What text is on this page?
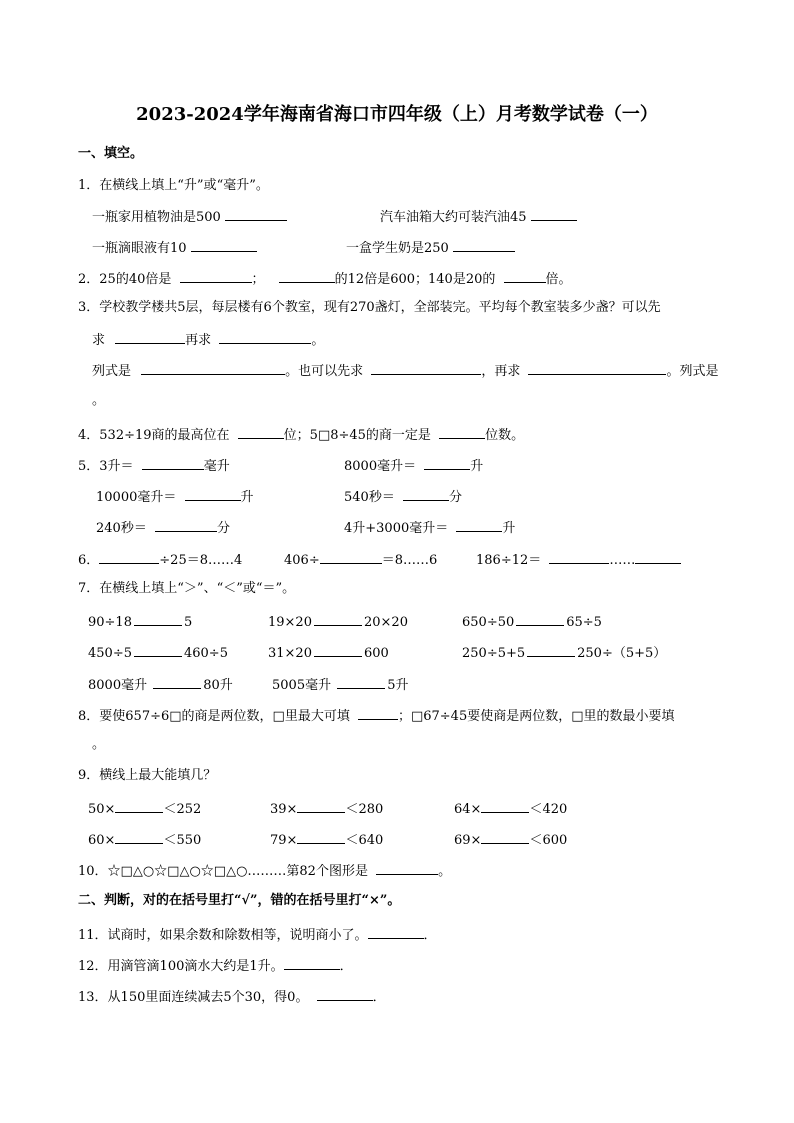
2023-2024学年海南省海口市四年级（上）月考数学试卷（一）
一、填空。
1．在横线上填上“升”或“毫升”。
一瓶家用植物油是500	汽车油箱大约可装汽油45
一瓶滴眼液有10	一盒学生奶是250
2．25的40倍是	；	的12倍是600；140是20的	倍。
3．学校教学楼共5层，每层楼有6个教室，现有270盏灯，全部装完。平均每个教室装多少盏？可以先
求	再求	。
列式是	。也可以先求	，再求	。列式是
。
4．532÷19商的最高位在	位；5□8÷45的商一定是	位数。
5．3升＝	毫升	8000毫升＝	升
10000毫升＝	升	540秒＝	分
240秒＝	分	4升+3000毫升＝	升
6．	÷25＝8……4	406÷	＝8……6	186÷12＝	……
7．在横线上填上“＞”、“＜”或“＝”。
90÷18	5	19×20	20×20	650÷50	65÷5
450÷5	460÷5	31×20	600	250÷5+5	250÷（5+5）
8000毫升	80升	5005毫升	5升
8．要使657÷6□的商是两位数，□里最大可填	；□67÷45要使商是两位数，□里的数最小要填
。
9．横线上最大能填几？
50×	＜252	39×	＜280	64×	＜420
60×	＜550	79×	＜640	69×	＜600
10．☆□△○☆□△○☆□△○………第82个图形是	。
二、判断，对的在括号里打“√”，错的在括号里打“×”。
11．试商时，如果余数和除数相等，说明商小了。	．
12．用滴管滴100滴水大约是1升。	．
13．从150里面连续减去5个30，得0。	．
